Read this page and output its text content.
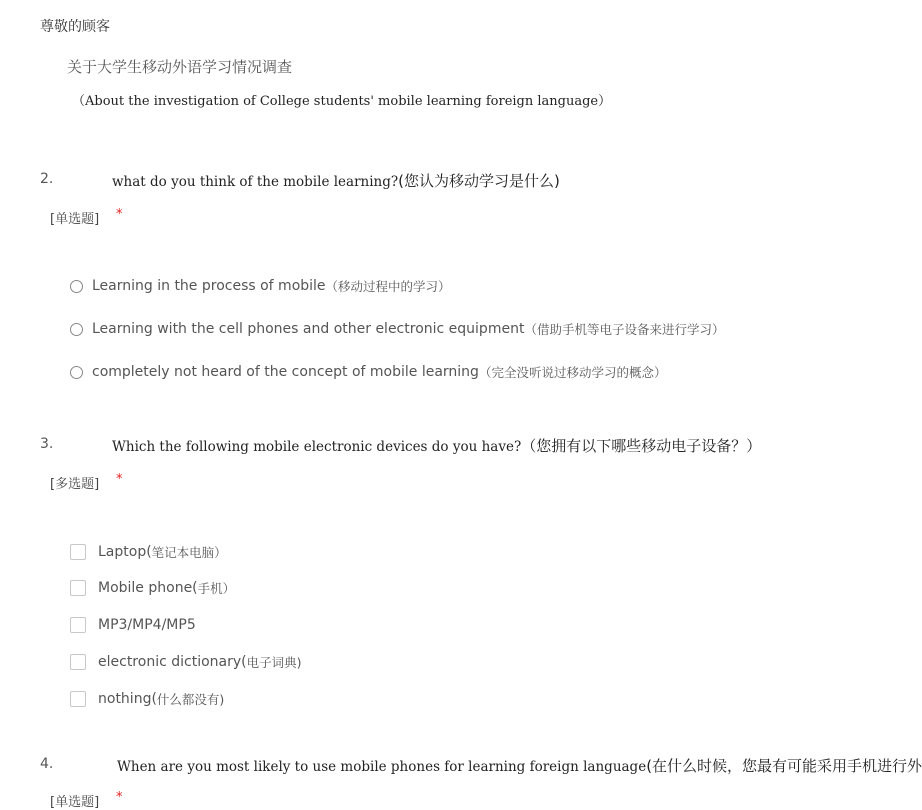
尊敬的顾客
关于大学生移动外语学习情况调查
（About the investigation of College students' mobile learning foreign language）
2.	what do you think of the mobile learning?(您认为移动学习是什么)
[单选题] *
Learning in the process of mobile （移动过程中的学习）
Learning with the cell phones and other electronic equipment （借助手机等电子设备来进行学习）
completely not heard of the concept of mobile learning （完全没听说过移动学习的概念）
3.	Which the following mobile electronic devices do you have?（您拥有以下哪些移动电子设备？）
[多选题] *
Laptop( 笔记本电脑）
Mobile phone( 手机）
MP3/MP4/MP5
electronic dictionary( 电子词典)
nothing( 什么都没有)
4.	When are you most likely to use mobile phones for learning foreign language(在什么时候，您最有可能采用手机进行外
[单选题] *
